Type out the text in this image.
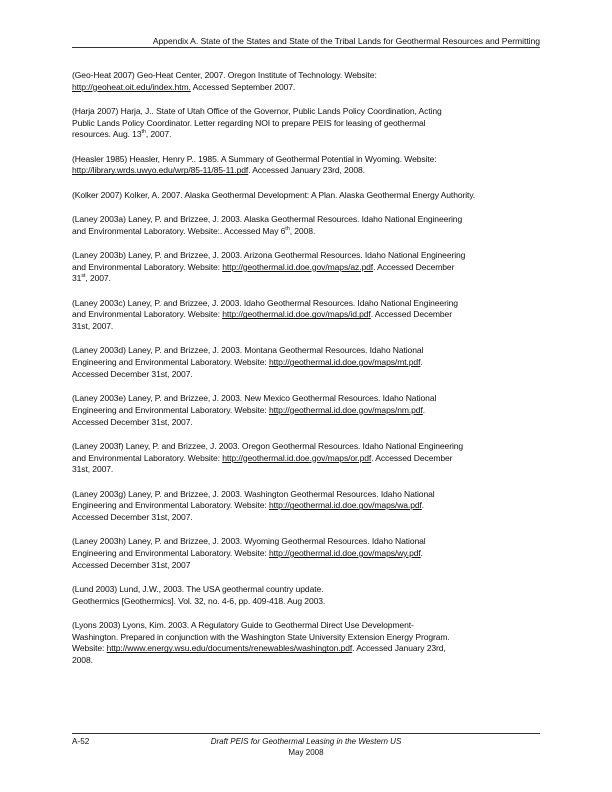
Appendix A. State of the States and State of the Tribal Lands for Geothermal Resources and Permitting
(Geo-Heat 2007) Geo-Heat Center, 2007. Oregon Institute of Technology. Website:
http://geoheat.oit.edu/index.htm. Accessed September 2007.
(Harja 2007) Harja, J.. State of Utah Office of the Governor, Public Lands Policy Coordination, Acting
Public Lands Policy Coordinator. Letter regarding NOI to prepare PEIS for leasing of geothermal
resources. Aug. 13th, 2007.
(Heasler 1985) Heasler, Henry P.. 1985. A Summary of Geothermal Potential in Wyoming. Website:
http://library.wrds.uwyo.edu/wrp/85-11/85-11.pdf. Accessed January 23rd, 2008.
(Kolker 2007) Kolker, A. 2007. Alaska Geothermal Development: A Plan. Alaska Geothermal Energy Authority.
(Laney 2003a) Laney, P. and Brizzee, J. 2003. Alaska Geothermal Resources. Idaho National Engineering
and Environmental Laboratory. Website:. Accessed May 6th, 2008.
(Laney 2003b) Laney, P. and Brizzee, J. 2003. Arizona Geothermal Resources. Idaho National Engineering
and Environmental Laboratory. Website: http://geothermal.id.doe.gov/maps/az.pdf. Accessed December
31st, 2007.
(Laney 2003c) Laney, P. and Brizzee, J. 2003. Idaho Geothermal Resources. Idaho National Engineering
and Environmental Laboratory. Website: http://geothermal.id.doe.gov/maps/id.pdf. Accessed December
31st, 2007.
(Laney 2003d) Laney, P. and Brizzee, J. 2003. Montana Geothermal Resources. Idaho National
Engineering and Environmental Laboratory. Website: http://geothermal.id.doe.gov/maps/mt.pdf.
Accessed December 31st, 2007.
(Laney 2003e) Laney, P. and Brizzee, J. 2003. New Mexico Geothermal Resources. Idaho National
Engineering and Environmental Laboratory. Website: http://geothermal.id.doe.gov/maps/nm.pdf.
Accessed December 31st, 2007.
(Laney 2003f) Laney, P. and Brizzee, J. 2003. Oregon Geothermal Resources. Idaho National Engineering
and Environmental Laboratory. Website: http://geothermal.id.doe.gov/maps/or.pdf. Accessed December
31st, 2007.
(Laney 2003g) Laney, P. and Brizzee, J. 2003. Washington Geothermal Resources. Idaho National
Engineering and Environmental Laboratory. Website: http://geothermal.id.doe.gov/maps/wa.pdf.
Accessed December 31st, 2007.
(Laney 2003h) Laney, P. and Brizzee, J. 2003. Wyoming Geothermal Resources. Idaho National
Engineering and Environmental Laboratory. Website: http://geothermal.id.doe.gov/maps/wy.pdf.
Accessed December 31st, 2007
(Lund 2003) Lund, J.W., 2003. The USA geothermal country update.
Geothermics [Geothermics]. Vol. 32, no. 4-6, pp. 409-418. Aug 2003.
(Lyons 2003) Lyons, Kim. 2003. A Regulatory Guide to Geothermal Direct Use Development-
Washington. Prepared in conjunction with the Washington State University Extension Energy Program.
Website: http://www.energy.wsu.edu/documents/renewables/washington.pdf. Accessed January 23rd,
2008.
A-52	Draft PEIS for Geothermal Leasing in the Western US
May 2008
